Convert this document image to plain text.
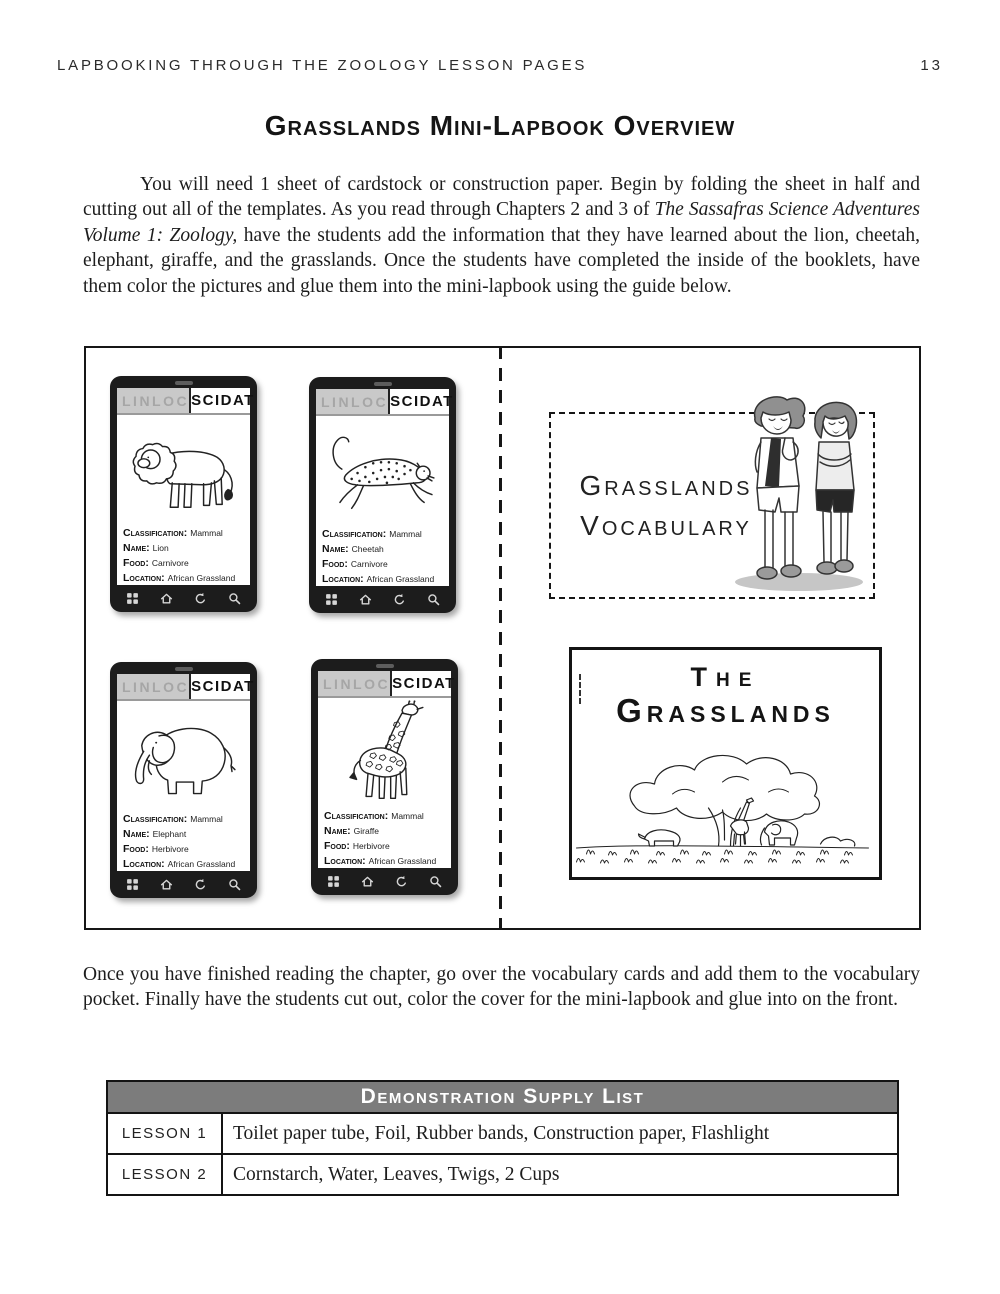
LAPBOOKING THROUGH THE ZOOLOGY LESSON PAGES	13
Grasslands Mini-Lapbook Overview

You will need 1 sheet of cardstock or construction paper. Begin by folding the sheet in half and cutting out all of the templates. As you read through Chapters 2 and 3 of The Sassafras Science Adventures Volume 1: Zoology, have the students add the information that they have learned about the lion, cheetah, elephant, giraffe, and the grasslands. Once the students have completed the inside of the booklets, have them color the pictures and glue them into the mini-lapbook using the guide below.

LINLOC SCIDAT
Classification: Mammal
Name: Lion
Food: Carnivore
Location: African Grassland
LINLOC SCIDAT
Classification: Mammal
Name: Cheetah
Food: Carnivore
Location: African Grassland
LINLOC SCIDAT
Classification: Mammal
Name: Elephant
Food: Herbivore
Location: African Grassland
LINLOC SCIDAT
Classification: Mammal
Name: Giraffe
Food: Herbivore
Location: African Grassland
Grasslands
Vocabulary
The
Grasslands

Once you have finished reading the chapter, go over the vocabulary cards and add them to the vocabulary pocket. Finally have the students cut out, color the cover for the mini-lapbook and glue into on the front.

Demonstration Supply List
LESSON 1	Toilet paper tube, Foil, Rubber bands, Construction paper, Flashlight
LESSON 2	Cornstarch, Water, Leaves, Twigs, 2 Cups
